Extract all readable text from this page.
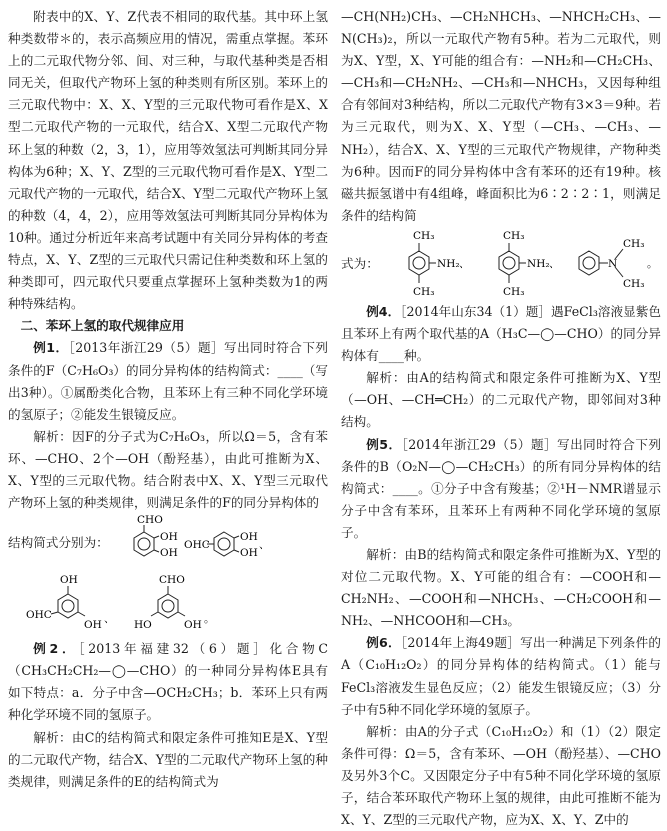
附表中的X、Y、Z代表不相同的取代基。其中环上氢种类数带＊的，表示高频应用的情况，需重点掌握。苯环上的二元取代物分邻、间、对三种，与取代基种类是否相同无关，但取代产物环上氢的种类则有所区别。苯环上的三元取代物中：X、X、Y型的三元取代物可看作是X、X型二元取代产物的一元取代，结合X、X型二元取代产物环上氢的种数（2，3，1），应用等效氢法可判断其同分异构体为6种；X、Y、Z型的三元取代物可看作是X、Y型二元取代产物的一元取代，结合X、Y型二元取代产物环上氢的种数（4，4，2），应用等效氢法可判断其同分异构体为10种。通过分析近年来高考试题中有关同分异构体的考查特点，X、Y、Z型的三元取代只需记住种类数和环上氢的种类即可，四元取代只要重点掌握环上氢种类数为1的两种特殊结构。

二、苯环上氢的取代规律应用

例1．［2013年浙江29（5）题］写出同时符合下列条件的F（C₇H₆O₃）的同分异构体的结构简式：____（写出3种）。①属酚类化合物，且苯环上有三种不同化学环境的氢原子；②能发生银镜反应。

解析：因F的分子式为C₇H₆O₃，所以Ω＝5，含有苯环、—CHO、2个—OH（酚羟基），由此可推断为X、X、Y型的三元取代物。结合附表中X、X、Y型三元取代产物环上氢的种类规律，则满足条件的F的同分异构体的

结构简式分别为：
CHO
OH
OH
OHC
OH
OH
、
OH
OHC
OH 、
CHO
HO	OH 。

例2．［2013年福建32（6）题］化合物C（CH₃CH₂CH₂—◯—CHO）的一种同分异构体E具有如下特点：a．分子中含—OCH₂CH₃；b．苯环上只有两种化学环境不同的氢原子。

解析：由C的结构简式和限定条件可推知E是X、Y型的二元取代产物，结合X、Y型的二元取代产物环上氢的种类规律，则满足条件的E的结构简式为

—CH(NH₂)CH₃、—CH₂NHCH₃、—NHCH₂CH₃、—N(CH₃)₂，所以一元取代产物有5种。若为二元取代，则为X、Y型，X、Y可能的组合有：—NH₂和—CH₂CH₃、—CH₃和—CH₂NH₂、—CH₃和—NHCH₃，又因每种组合有邻间对3种结构，所以二元取代产物有3×3＝9种。若为三元取代，则为X、X、Y型（—CH₃、—CH₃、—NH₂），结合X、X、Y型的三元取代产物规律，产物种类为6种。因而F的同分异构体中含有苯环的还有19种。核磁共振氢谱中有4组峰，峰面积比为6∶2∶2∶1，则满足条件的结构简

式为：
CH₃
CH₃
NH₂ 、
CH₃
CH₃
NH₂ 、	N
CH₃
CH₃
。

例4．［2014年山东34（1）题］遇FeCl₃溶液显紫色且苯环上有两个取代基的A（H₃C—◯—CHO）的同分异构体有____种。

解析：由A的结构简式和限定条件可推断为X、Y型（—OH、—CH═CH₂）的二元取代产物，即邻间对3种结构。

例5．［2014年浙江29（5）题］写出同时符合下列条件的B（O₂N—◯—CH₂CH₃）的所有同分异构体的结构简式：____。①分子中含有羧基；②¹H－NMR谱显示分子中含有苯环，且苯环上有两种不同化学环境的氢原子。

解析：由B的结构简式和限定条件可推断为X、Y型的对位二元取代物。X、Y可能的组合有：—COOH和—CH₂NH₂、—COOH和—NHCH₃、—CH₂COOH和—NH₂、—NHCOOH和—CH₃。

例6．［2014年上海49题］写出一种满足下列条件的A（C₁₀H₁₂O₂）的同分异构体的结构简式。（1）能与FeCl₃溶液发生显色反应；（2）能发生银镜反应；（3）分子中有5种不同化学环境的氢原子。

解析：由A的分子式（C₁₀H₁₂O₂）和（1）（2）限定条件可得：Ω＝5，含有苯环、—OH（酚羟基）、—CHO及另外3个C。又因限定分子中有5种不同化学环境的氢原子，结合苯环取代产物环上氢的规律，由此可推断不能为X、Y、Z型的三元取代产物，应为X、X、Y、Z中的
